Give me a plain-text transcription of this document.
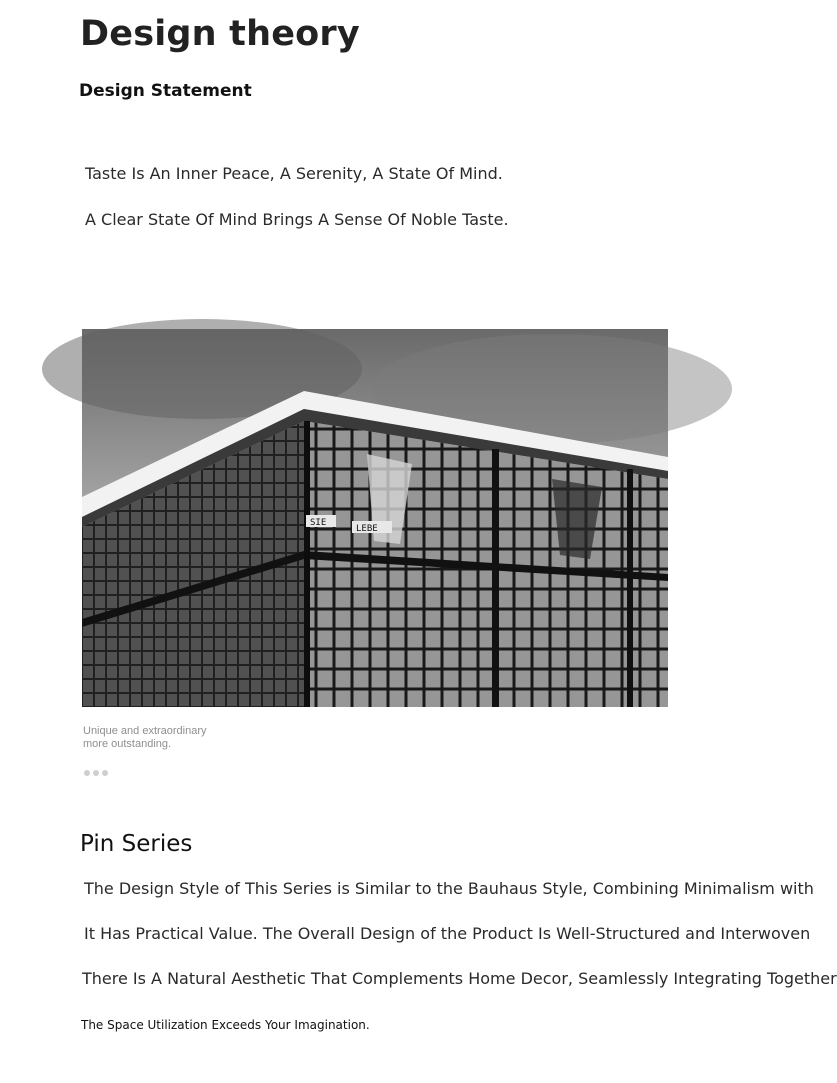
Design theory
Design Statement
Taste Is An Inner Peace, A Serenity, A State Of Mind.
A Clear State Of Mind Brings A Sense Of Noble Taste.
SIE
LEBE
Unique and extraordinary
more outstanding.
Pin Series
The Design Style of This Series is Similar to the Bauhaus Style, Combining Minimalism with
It Has Practical Value. The Overall Design of the Product Is Well-Structured and Interwoven
There Is A Natural Aesthetic That Complements Home Decor, Seamlessly Integrating Together
The Space Utilization Exceeds Your Imagination.
